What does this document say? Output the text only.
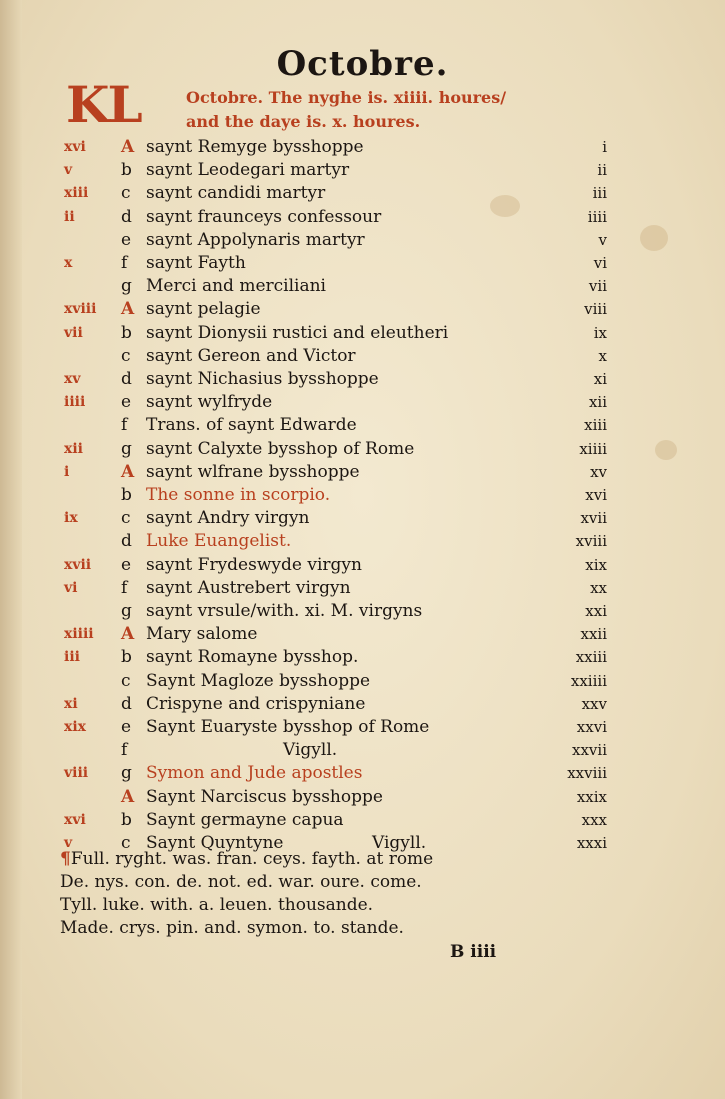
Octobre.
KL	Octobre. The nyghe is. xiiii. houres/
and the daye is. x. houres.
xvi	A saynt Remyge bysshoppe	i
v	b saynt Leodegari martyr	ii
xiii	c saynt candidi martyr	iii
ii	d saynt fraunceys confessour	iiii
e saynt Appolynaris martyr	v
x	f	saynt Fayth	vi
g Merci and merciliani	vii
xviii	A saynt pelagie	viii
vii	b saynt Dionysii rustici and eleutheri	ix
c saynt Gereon and Victor	x
xv	d saynt Nichasius bysshoppe	xi
iiii	e saynt wylfryde	xii
f	Trans. of saynt Edwarde	xiii
xii	g saynt Calyxte bysshop of Rome	xiiii
i	A saynt wlfrane bysshoppe	xv
b The sonne in scorpio.	xvi
ix	c saynt Andry virgyn	xvii
d Luke Euangelist.	xviii
xvii	e saynt Frydeswyde virgyn	xix
vi	f	saynt Austrebert virgyn	xx
g saynt vrsule/with. xi. M. virgyns	xxi
xiiii	A Mary salome	xxii
iii	b saynt Romayne bysshop.	xxiii
c Saynt Magloze bysshoppe	xxiiii
xi	d Crispyne and crispyniane	xxv
xix	e Saynt Euaryste bysshop of Rome	xxvi
f	Vigyll.	xxvii
viii	g Symon and Jude apostles	xxviii
A Saynt Narciscus bysshoppe	xxix
xvi	b Saynt germayne capua	xxx
v	c Saynt Quyntyne	Vigyll.	xxxi
¶Full. ryght. was. fran. ceys. fayth. at rome
De. nys. con. de. not. ed. war. oure. come.
Tyll. luke. with. a. leuen. thousande.
Made. crys. pin. and. symon. to. stande.
B iiii
